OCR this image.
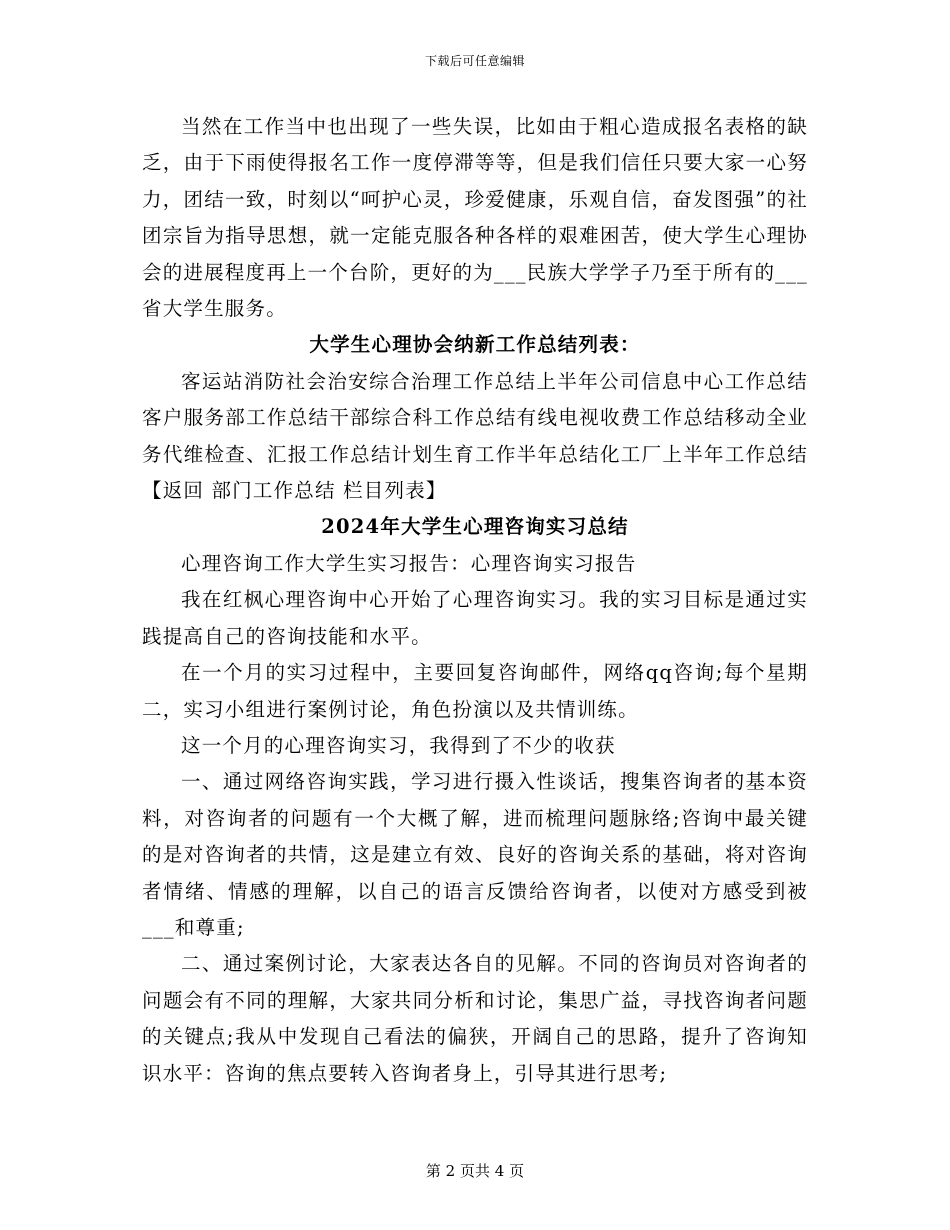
下载后可任意编辑

当然在工作当中也出现了一些失误，比如由于粗心造成报名表格的缺乏，由于下雨使得报名工作一度停滞等等，但是我们信任只要大家一心努力，团结一致，时刻以“呵护心灵，珍爱健康，乐观自信，奋发图强”的社团宗旨为指导思想，就一定能克服各种各样的艰难困苦，使大学生心理协会的进展程度再上一个台阶，更好的为___民族大学学子乃至于所有的___省大学生服务。

大学生心理协会纳新工作总结列表：

客运站消防社会治安综合治理工作总结上半年公司信息中心工作总结客户服务部工作总结干部综合科工作总结有线电视收费工作总结移动全业务代维检查、汇报工作总结计划生育工作半年总结化工厂上半年工作总结 【返回 部门工作总结 栏目列表】

2024年大学生心理咨询实习总结

心理咨询工作大学生实习报告：心理咨询实习报告

我在红枫心理咨询中心开始了心理咨询实习。我的实习目标是通过实践提高自己的咨询技能和水平。

在一个月的实习过程中，主要回复咨询邮件，网络qq咨询;每个星期二，实习小组进行案例讨论，角色扮演以及共情训练。

这一个月的心理咨询实习，我得到了不少的收获

一、通过网络咨询实践，学习进行摄入性谈话，搜集咨询者的基本资料，对咨询者的问题有一个大概了解，进而梳理问题脉络;咨询中最关键的是对咨询者的共情，这是建立有效、良好的咨询关系的基础，将对咨询者情绪、情感的理解，以自己的语言反馈给咨询者，以使对方感受到被___和尊重;

二、通过案例讨论，大家表达各自的见解。不同的咨询员对咨询者的问题会有不同的理解，大家共同分析和讨论，集思广益，寻找咨询者问题的关键点;我从中发现自己看法的偏狭，开阔自己的思路，提升了咨询知识水平：咨询的焦点要转入咨询者身上，引导其进行思考;

第 2 页共 4 页
